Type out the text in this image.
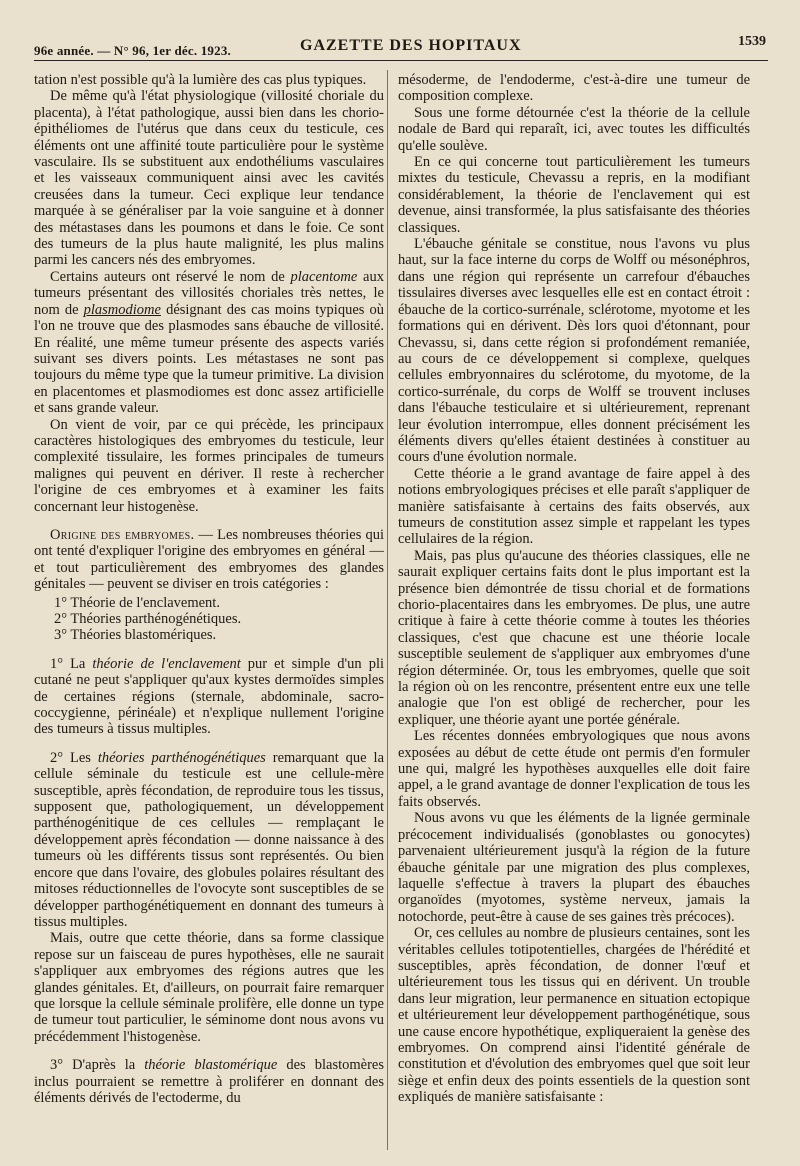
96e année. — N° 96, 1er déc. 1923.	GAZETTE DES HOPITAUX	1539

tation n'est possible qu'à la lumière des cas plus typiques.

De même qu'à l'état physiologique (villosité choriale du placenta), à l'état pathologique, aussi bien dans les chorio-épithéliomes de l'utérus que dans ceux du testicule, ces éléments ont une affinité toute particulière pour le système vasculaire. Ils se substituent aux endothéliums vasculaires et les vaisseaux communiquent ainsi avec les cavités creusées dans la tumeur. Ceci explique leur tendance marquée à se généraliser par la voie sanguine et à donner des métastases dans les poumons et dans le foie. Ce sont des tumeurs de la plus haute malignité, les plus malins parmi les cancers nés des embryomes.

Certains auteurs ont réservé le nom de placentome aux tumeurs présentant des villosités choriales très nettes, le nom de plasmodiome désignant des cas moins typiques où l'on ne trouve que des plasmodes sans ébauche de villosité. En réalité, une même tumeur présente des aspects variés suivant ses divers points. Les métastases ne sont pas toujours du même type que la tumeur primitive. La division en placentomes et plasmodiomes est donc assez artificielle et sans grande valeur.

On vient de voir, par ce qui précède, les principaux caractères histologiques des embryomes du testicule, leur complexité tissulaire, les formes principales de tumeurs malignes qui peuvent en dériver. Il reste à rechercher l'origine de ces embryomes et à examiner les faits concernant leur histogenèse.

Origine des embryomes. — Les nombreuses théories qui ont tenté d'expliquer l'origine des embryomes en général — et tout particulièrement des embryomes des glandes génitales — peuvent se diviser en trois catégories :

1° Théorie de l'enclavement.
2° Théories parthénogénétiques.
3° Théories blastomériques.

1° La théorie de l'enclavement pur et simple d'un pli cutané ne peut s'appliquer qu'aux kystes dermoïdes simples de certaines régions (sternale, abdominale, sacro-coccygienne, périnéale) et n'explique nullement l'origine des tumeurs à tissus multiples.

2° Les théories parthénogénétiques remarquant que la cellule séminale du testicule est une cellule-mère susceptible, après fécondation, de reproduire tous les tissus, supposent que, pathologiquement, un développement parthénogénitique de ces cellules — remplaçant le développement après fécondation — donne naissance à des tumeurs où les différents tissus sont représentés. Ou bien encore que dans l'ovaire, des globules polaires résultant des mitoses réductionnelles de l'ovocyte sont susceptibles de se développer parthogénétiquement en donnant des tumeurs à tissus multiples.

Mais, outre que cette théorie, dans sa forme classique repose sur un faisceau de pures hypothèses, elle ne saurait s'appliquer aux embryomes des régions autres que les glandes génitales. Et, d'ailleurs, on pourrait faire remarquer que lorsque la cellule séminale prolifère, elle donne un type de tumeur tout particulier, le séminome dont nous avons vu précédemment l'histogenèse.

3° D'après la théorie blastomérique des blastomères inclus pourraient se remettre à proliférer en donnant des éléments dérivés de l'ectoderme, du

mésoderme, de l'endoderme, c'est-à-dire une tumeur de composition complexe.

Sous une forme détournée c'est la théorie de la cellule nodale de Bard qui reparaît, ici, avec toutes les difficultés qu'elle soulève.

En ce qui concerne tout particulièrement les tumeurs mixtes du testicule, Chevassu a repris, en la modifiant considérablement, la théorie de l'enclavement qui est devenue, ainsi transformée, la plus satisfaisante des théories classiques.

L'ébauche génitale se constitue, nous l'avons vu plus haut, sur la face interne du corps de Wolff ou mésonéphros, dans une région qui représente un carrefour d'ébauches tissulaires diverses avec lesquelles elle est en contact étroit : ébauche de la cortico-surrénale, sclérotome, myotome et les formations qui en dérivent. Dès lors quoi d'étonnant, pour Chevassu, si, dans cette région si profondément remaniée, au cours de ce développement si complexe, quelques cellules embryonnaires du sclérotome, du myotome, de la cortico-surrénale, du corps de Wolff se trouvent incluses dans l'ébauche testiculaire et si ultérieurement, reprenant leur évolution interrompue, elles donnent précisément les éléments divers qu'elles étaient destinées à constituer au cours d'une évolution normale.

Cette théorie a le grand avantage de faire appel à des notions embryologiques précises et elle paraît s'appliquer de manière satisfaisante à certains des faits observés, aux tumeurs de constitution assez simple et rappelant les types cellulaires de la région.

Mais, pas plus qu'aucune des théories classiques, elle ne saurait expliquer certains faits dont le plus important est la présence bien démontrée de tissu chorial et de formations chorio-placentaires dans les embryomes. De plus, une autre critique à faire à cette théorie comme à toutes les théories classiques, c'est que chacune est une théorie locale susceptible seulement de s'appliquer aux embryomes d'une région déterminée. Or, tous les embryomes, quelle que soit la région où on les rencontre, présentent entre eux une telle analogie que l'on est obligé de rechercher, pour les expliquer, une théorie ayant une portée générale.

Les récentes données embryologiques que nous avons exposées au début de cette étude ont permis d'en formuler une qui, malgré les hypothèses auxquelles elle doit faire appel, a le grand avantage de donner l'explication de tous les faits observés.

Nous avons vu que les éléments de la lignée germinale précocement individualisés (gonoblastes ou gonocytes) parvenaient ultérieurement jusqu'à la région de la future ébauche génitale par une migration des plus complexes, laquelle s'effectue à travers la plupart des ébauches organoïdes (myotomes, système nerveux, jamais la notochorde, peut-être à cause de ses gaines très précoces).

Or, ces cellules au nombre de plusieurs centaines, sont les véritables cellules totipotentielles, chargées de l'hérédité et susceptibles, après fécondation, de donner l'œuf et ultérieurement tous les tissus qui en dérivent. Un trouble dans leur migration, leur permanence en situation ectopique et ultérieurement leur développement parthogénétique, sous une cause encore hypothétique, expliqueraient la genèse des embryomes. On comprend ainsi l'identité générale de constitution et d'évolution des embryomes quel que soit leur siège et enfin deux des points essentiels de la question sont expliqués de manière satisfaisante :
